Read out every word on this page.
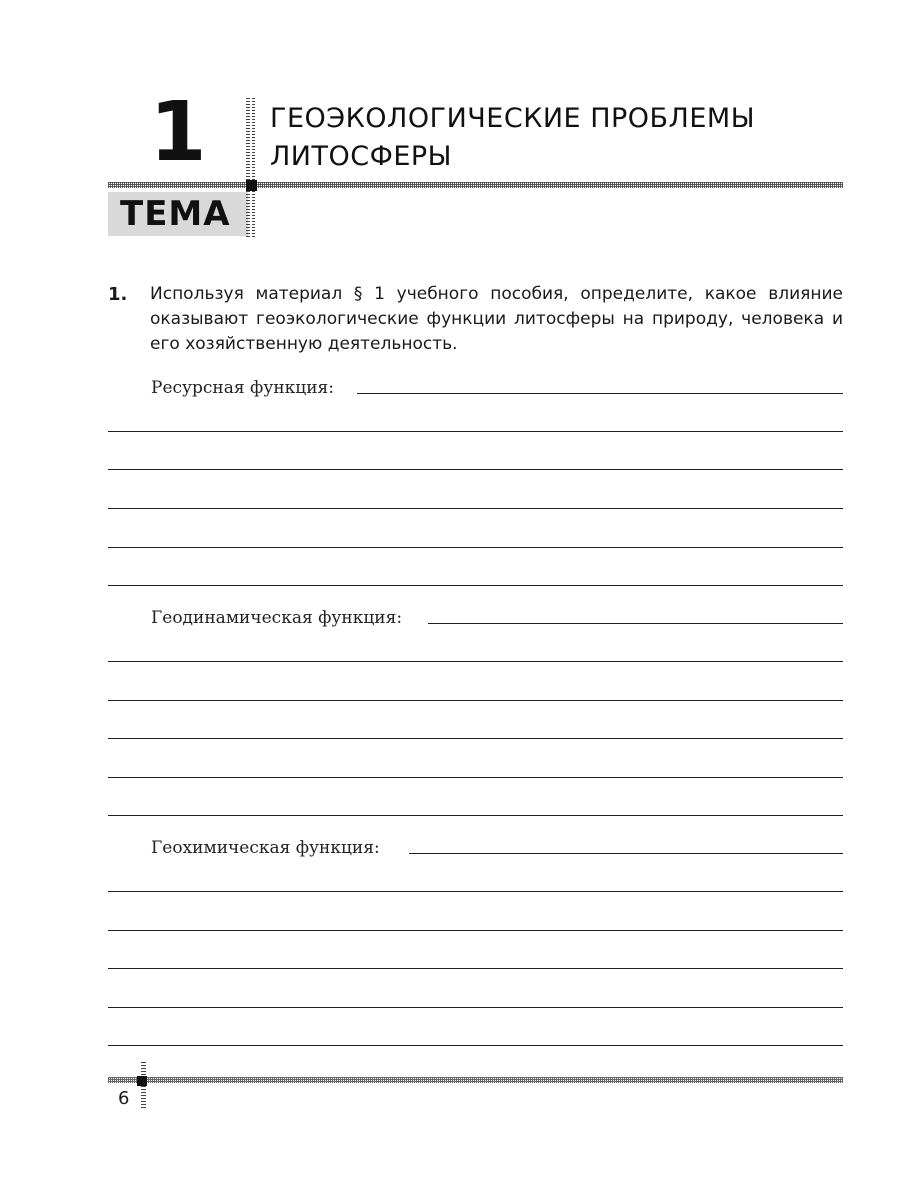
1
ТЕМА
ГЕОЭКОЛОГИЧЕСКИЕ ПРОБЛЕМЫ
ЛИТОСФЕРЫ
1. Используя материал § 1 учебного пособия, определите, какое влияние оказывают геоэкологические функции литосферы на природу, человека и его хозяйственную деятельность.
Ресурсная функция:
Геодинамическая функция:
Геохимическая функция:
6
